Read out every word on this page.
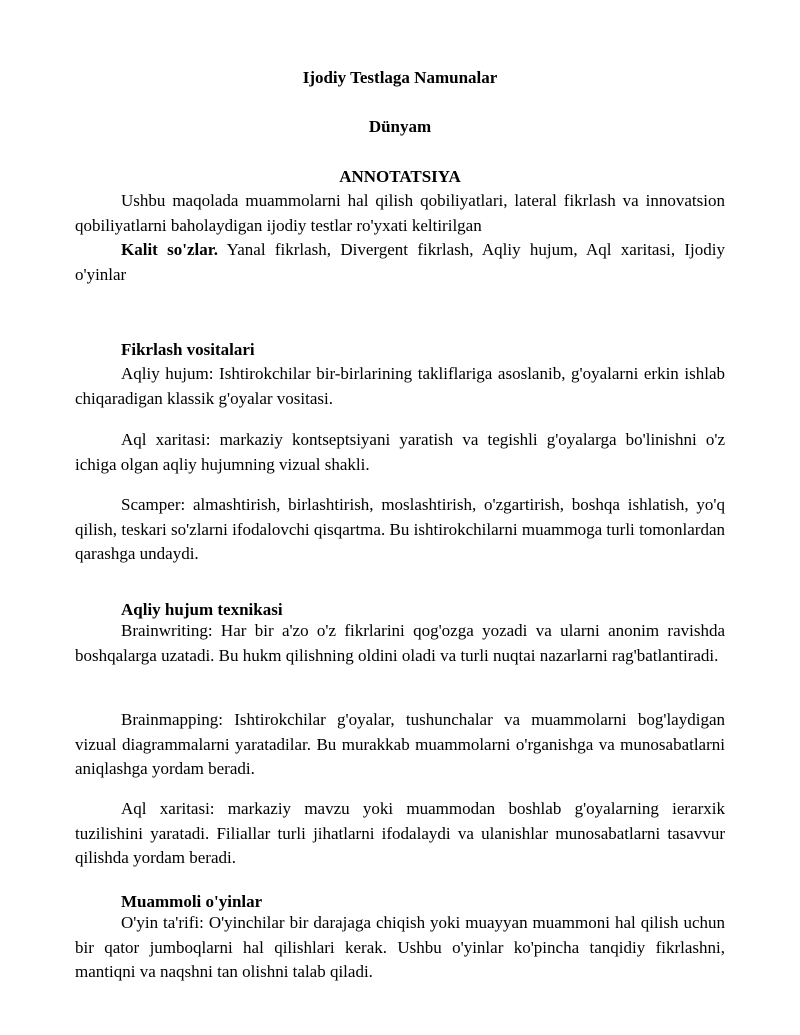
Ijodiy Testlaga Namunalar
Dünyam
ANNOTATSIYA

Ushbu maqolada muammolarni hal qilish qobiliyatlari, lateral fikrlash va innovatsion qobiliyatlarni baholaydigan ijodiy testlar ro'yxati keltirilgan

Kalit so'zlar. Yanal fikrlash, Divergent fikrlash, Aqliy hujum, Aql xaritasi, Ijodiy o'yinlar

Fikrlash vositalari

Aqliy hujum: Ishtirokchilar bir-birlarining takliflariga asoslanib, g'oyalarni erkin ishlab chiqaradigan klassik g'oyalar vositasi.

Aql xaritasi: markaziy kontseptsiyani yaratish va tegishli g'oyalarga bo'linishni o'z ichiga olgan aqliy hujumning vizual shakli.

Scamper: almashtirish, birlashtirish, moslashtirish, o'zgartirish, boshqa ishlatish, yo'q qilish, teskari so'zlarni ifodalovchi qisqartma. Bu ishtirokchilarni muammoga turli tomonlardan qarashga undaydi.

Aqliy hujum texnikasi

Brainwriting: Har bir a'zo o'z fikrlarini qog'ozga yozadi va ularni anonim ravishda boshqalarga uzatadi. Bu hukm qilishning oldini oladi va turli nuqtai nazarlarni rag'batlantiradi.

Brainmapping: Ishtirokchilar g'oyalar, tushunchalar va muammolarni bog'laydigan vizual diagrammalarni yaratadilar. Bu murakkab muammolarni o'rganishga va munosabatlarni aniqlashga yordam beradi.

Aql xaritasi: markaziy mavzu yoki muammodan boshlab g'oyalarning ierarxik tuzilishini yaratadi. Filiallar turli jihatlarni ifodalaydi va ulanishlar munosabatlarni tasavvur qilishda yordam beradi.

Muammoli o'yinlar

O'yin ta'rifi: O'yinchilar bir darajaga chiqish yoki muayyan muammoni hal qilish uchun bir qator jumboqlarni hal qilishlari kerak. Ushbu o'yinlar ko'pincha tanqidiy fikrlashni, mantiqni va naqshni tan olishni talab qiladi.
